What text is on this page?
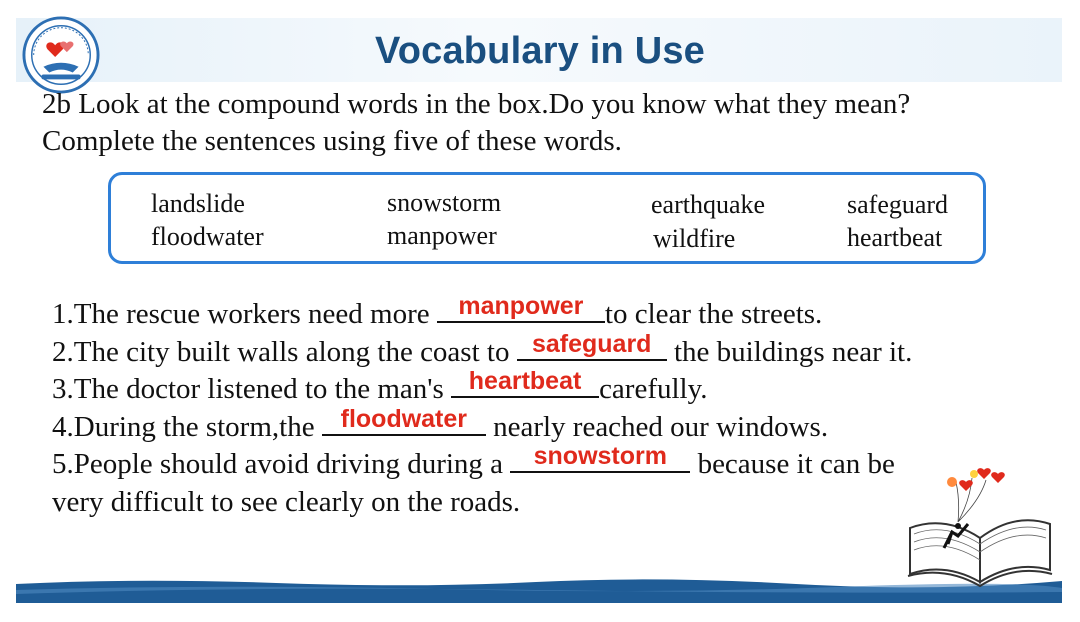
Vocabulary in Use
2b Look at the compound words in the box.Do you know what they mean?
Complete the sentences using five of these words.
landslide	snowstorm	earthquake	safeguard
floodwater	manpower	wildfire	heartbeat
1.The rescue workers need more manpower to clear the streets.
2.The city built walls along the coast to safeguard the buildings near it.
3.The doctor listened to the man's heartbeat carefully.
4.During the storm,the floodwater nearly reached our windows.
5.People should avoid driving during a snowstorm because it can be
very difficult to see clearly on the roads.
